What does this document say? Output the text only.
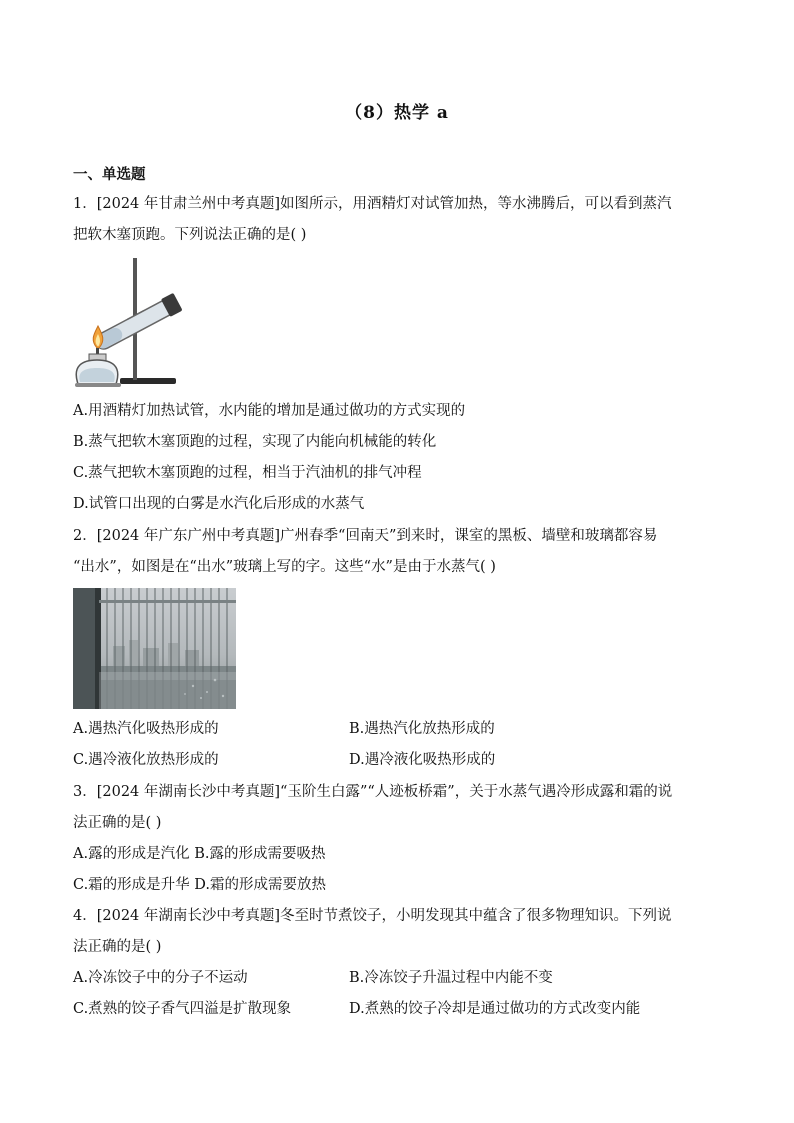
（8）热学 a
一、单选题
1．[2024 年甘肃兰州中考真题]如图所示，用酒精灯对试管加热，等水沸腾后，可以看到蒸汽
把软木塞顶跑。下列说法正确的是( )
A.用酒精灯加热试管，水内能的增加是通过做功的方式实现的
B.蒸气把软木塞顶跑的过程，实现了内能向机械能的转化
C.蒸气把软木塞顶跑的过程，相当于汽油机的排气冲程
D.试管口出现的白雾是水汽化后形成的水蒸气
2．[2024 年广东广州中考真题]广州春季“回南天”到来时，课室的黑板、墙壁和玻璃都容易
“出水”，如图是在“出水”玻璃上写的字。这些“水”是由于水蒸气( )
A.遇热汽化吸热形成的	B.遇热汽化放热形成的
C.遇冷液化放热形成的	D.遇冷液化吸热形成的
3．[2024 年湖南长沙中考真题]“玉阶生白露”“人迹板桥霜”，关于水蒸气遇冷形成露和霜的说
法正确的是( )
A.露的形成是汽化 B.露的形成需要吸热
C.霜的形成是升华 D.霜的形成需要放热
4．[2024 年湖南长沙中考真题]冬至时节煮饺子，小明发现其中蕴含了很多物理知识。下列说
法正确的是( )
A.冷冻饺子中的分子不运动	B.冷冻饺子升温过程中内能不变
C.煮熟的饺子香气四溢是扩散现象	D.煮熟的饺子冷却是通过做功的方式改变内能
